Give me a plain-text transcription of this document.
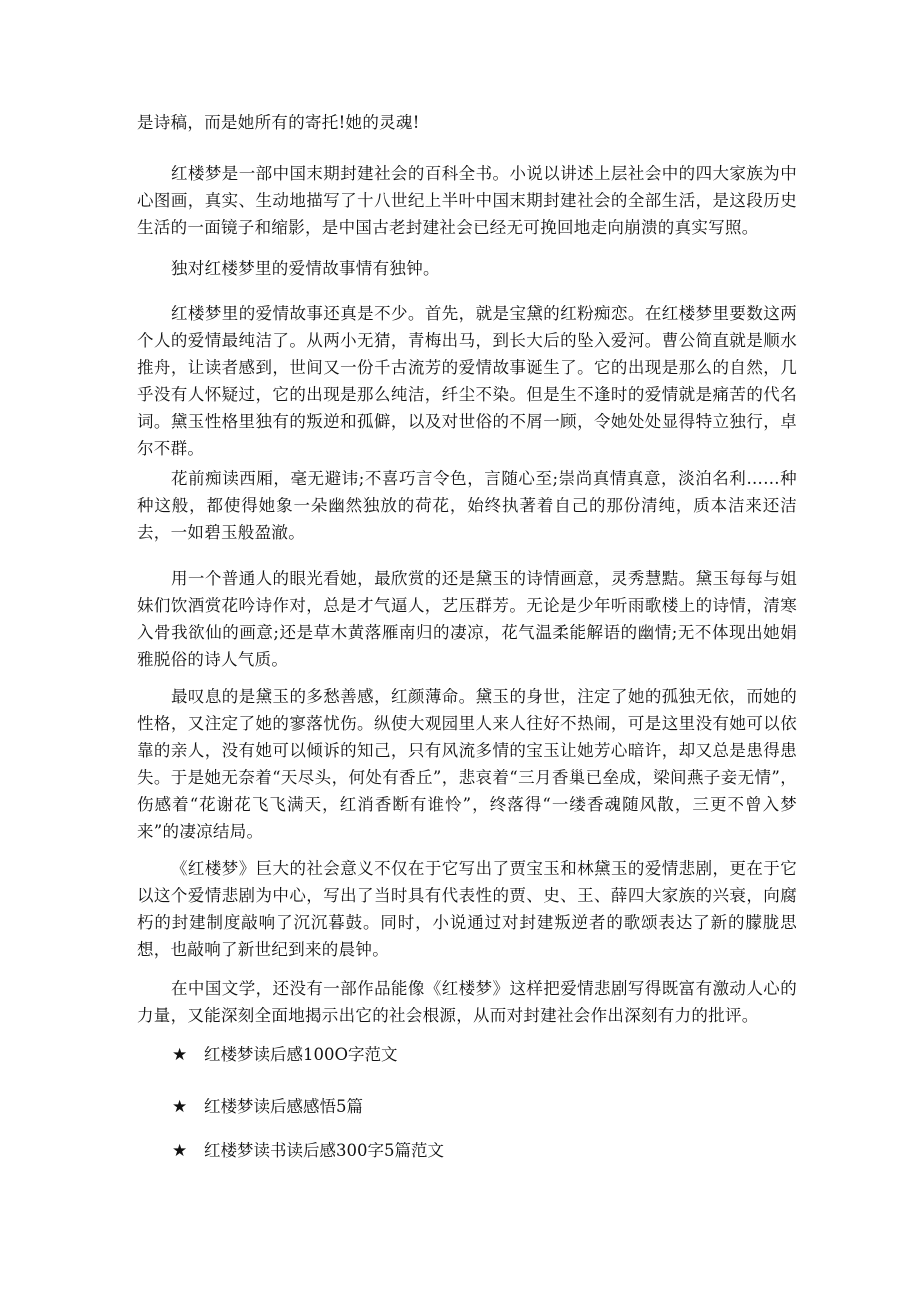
是诗稿，而是她所有的寄托!她的灵魂!

红楼梦是一部中国末期封建社会的百科全书。小说以讲述上层社会中的四大家族为中心图画，真实、生动地描写了十八世纪上半叶中国末期封建社会的全部生活，是这段历史生活的一面镜子和缩影，是中国古老封建社会已经无可挽回地走向崩溃的真实写照。

独对红楼梦里的爱情故事情有独钟。

红楼梦里的爱情故事还真是不少。首先，就是宝黛的红粉痴恋。在红楼梦里要数这两个人的爱情最纯洁了。从两小无猜，青梅出马，到长大后的坠入爱河。曹公简直就是顺水推舟，让读者感到，世间又一份千古流芳的爱情故事诞生了。它的出现是那么的自然，几乎没有人怀疑过，它的出现是那么纯洁，纤尘不染。但是生不逢时的爱情就是痛苦的代名词。黛玉性格里独有的叛逆和孤僻，以及对世俗的不屑一顾，令她处处显得特立独行，卓尔不群。

花前痴读西厢，毫无避讳;不喜巧言令色，言随心至;崇尚真情真意，淡泊名利……种种这般，都使得她象一朵幽然独放的荷花，始终执著着自己的那份清纯，质本洁来还洁去，一如碧玉般盈澈。

用一个普通人的眼光看她，最欣赏的还是黛玉的诗情画意，灵秀慧黠。黛玉每每与姐妹们饮酒赏花吟诗作对，总是才气逼人，艺压群芳。无论是少年听雨歌楼上的诗情，清寒入骨我欲仙的画意;还是草木黄落雁南归的凄凉，花气温柔能解语的幽情;无不体现出她娟雅脱俗的诗人气质。

最叹息的是黛玉的多愁善感，红颜薄命。黛玉的身世，注定了她的孤独无依，而她的性格，又注定了她的寥落忧伤。纵使大观园里人来人往好不热闹，可是这里没有她可以依靠的亲人，没有她可以倾诉的知己，只有风流多情的宝玉让她芳心暗许，却又总是患得患失。于是她无奈着“天尽头，何处有香丘”，悲哀着“三月香巢已垒成，梁间燕子妾无情”，伤感着“花谢花飞飞满天，红消香断有谁怜”，终落得“一缕香魂随风散，三更不曾入梦来”的凄凉结局。

《红楼梦》巨大的社会意义不仅在于它写出了贾宝玉和林黛玉的爱情悲剧，更在于它以这个爱情悲剧为中心，写出了当时具有代表性的贾、史、王、薛四大家族的兴衰，向腐朽的封建制度敲响了沉沉暮鼓。同时，小说通过对封建叛逆者的歌颂表达了新的朦胧思想，也敲响了新世纪到来的晨钟。

在中国文学，还没有一部作品能像《红楼梦》这样把爱情悲剧写得既富有激动人心的力量，又能深刻全面地揭示出它的社会根源，从而对封建社会作出深刻有力的批评。

★ 红楼梦读后感100O字范文
★ 红楼梦读后感感悟5篇
★ 红楼梦读书读后感300字5篇范文
